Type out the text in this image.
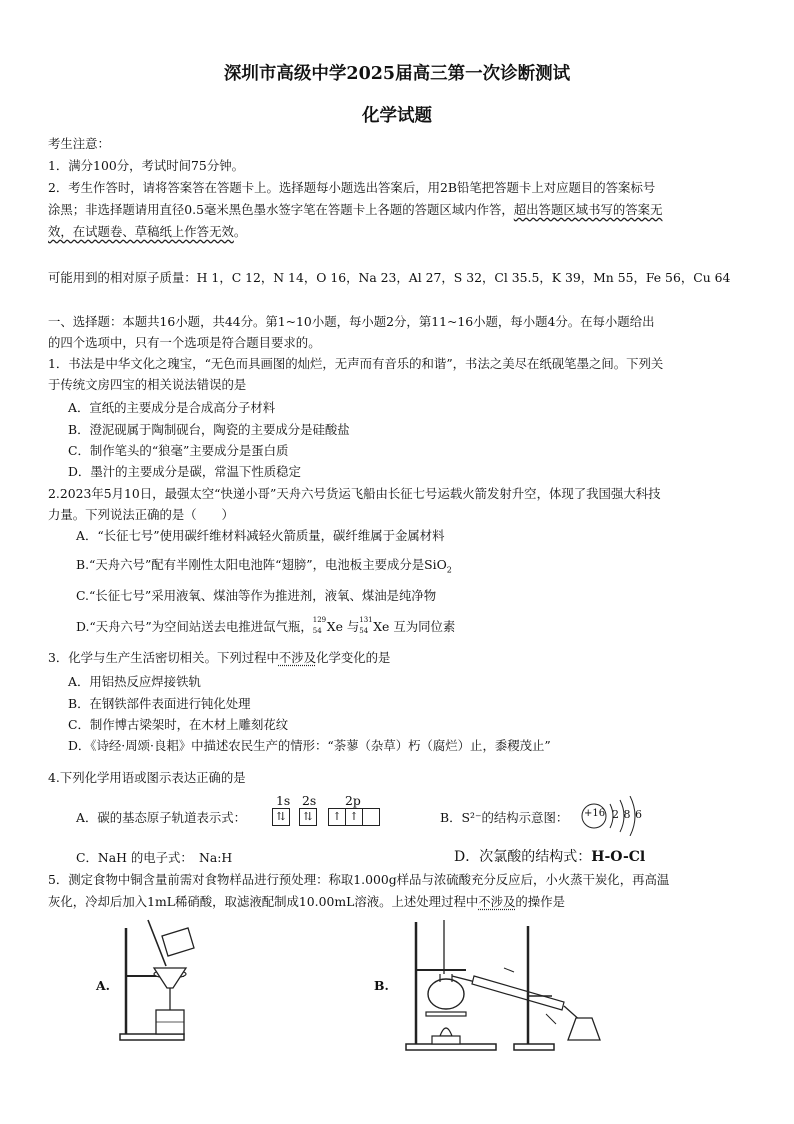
深圳市高级中学2025届高三第一次诊断测试
化学试题
考生注意：
1．满分100分，考试时间75分钟。
2．考生作答时，请将答案答在答题卡上。选择题每小题选出答案后，用2B铅笔把答题卡上对应题目的答案标号
涂黑；非选择题请用直径0.5毫米黑色墨水签字笔在答题卡上各题的答题区域内作答，超出答题区域书写的答案无
效，在试题卷、草稿纸上作答无效。
可能用到的相对原子质量：H 1，C 12，N 14，O 16，Na 23，Al 27，S 32，Cl 35.5，K 39，Mn 55，Fe 56，Cu 64
一、选择题：本题共16小题，共44分。第1~10小题，每小题2分，第11~16小题，每小题4分。在每小题给出
的四个选项中，只有一个选项是符合题目要求的。
1．书法是中华文化之瑰宝，“无色而具画图的灿烂，无声而有音乐的和谐”，书法之美尽在纸砚笔墨之间。下列关
于传统文房四宝的相关说法错误的是
A．宣纸的主要成分是合成高分子材料
B．澄泥砚属于陶制砚台，陶瓷的主要成分是硅酸盐
C．制作笔头的“狼毫”主要成分是蛋白质
D．墨汁的主要成分是碳，常温下性质稳定
2.2023年5月10日，最强太空“快递小哥”天舟六号货运飞船由长征七号运载火箭发射升空，体现了我国强大科技
力量。下列说法正确的是（　　）
A．“长征七号”使用碳纤维材料减轻火箭质量，碳纤维属于金属材料
B.“天舟六号”配有半刚性太阳电池阵“翅膀”，电池板主要成分是SiO$_2$
C.“长征七号”采用液氧、煤油等作为推进剂，液氧、煤油是纯净物
D.“天舟六号”为空间站送去电推进氙气瓶， 129
54 Xe 与 131
54 Xe 互为同位素
3．化学与生产生活密切相关。下列过程中不涉及化学变化的是
A．用铝热反应焊接铁轨
B．在钢铁部件表面进行钝化处理
C．制作博古梁架时，在木材上雕刻花纹
D．《诗经·周颂·良耜》中描述农民生产的情形：“荼蓼（杂草）朽（腐烂）止，黍稷茂止”
4.下列化学用语或图示表达正确的是
A．碳的基态原子轨道表示式：
1s 2s 2p
⇅	⇅	↑ ↑	B．S²⁻的结构示意图： +16 2 8 6
C．NaH 的电子式：　Na:H	D．次氯酸的结构式：H-O-Cl
5．测定食物中铜含量前需对食物样品进行预处理：称取1.000g样品与浓硫酸充分反应后，小火蒸干炭化，再高温
灰化，冷却后加入1mL稀硝酸，取滤液配制成10.00mL溶液。上述处理过程中不涉及的操作是
A.	B.
